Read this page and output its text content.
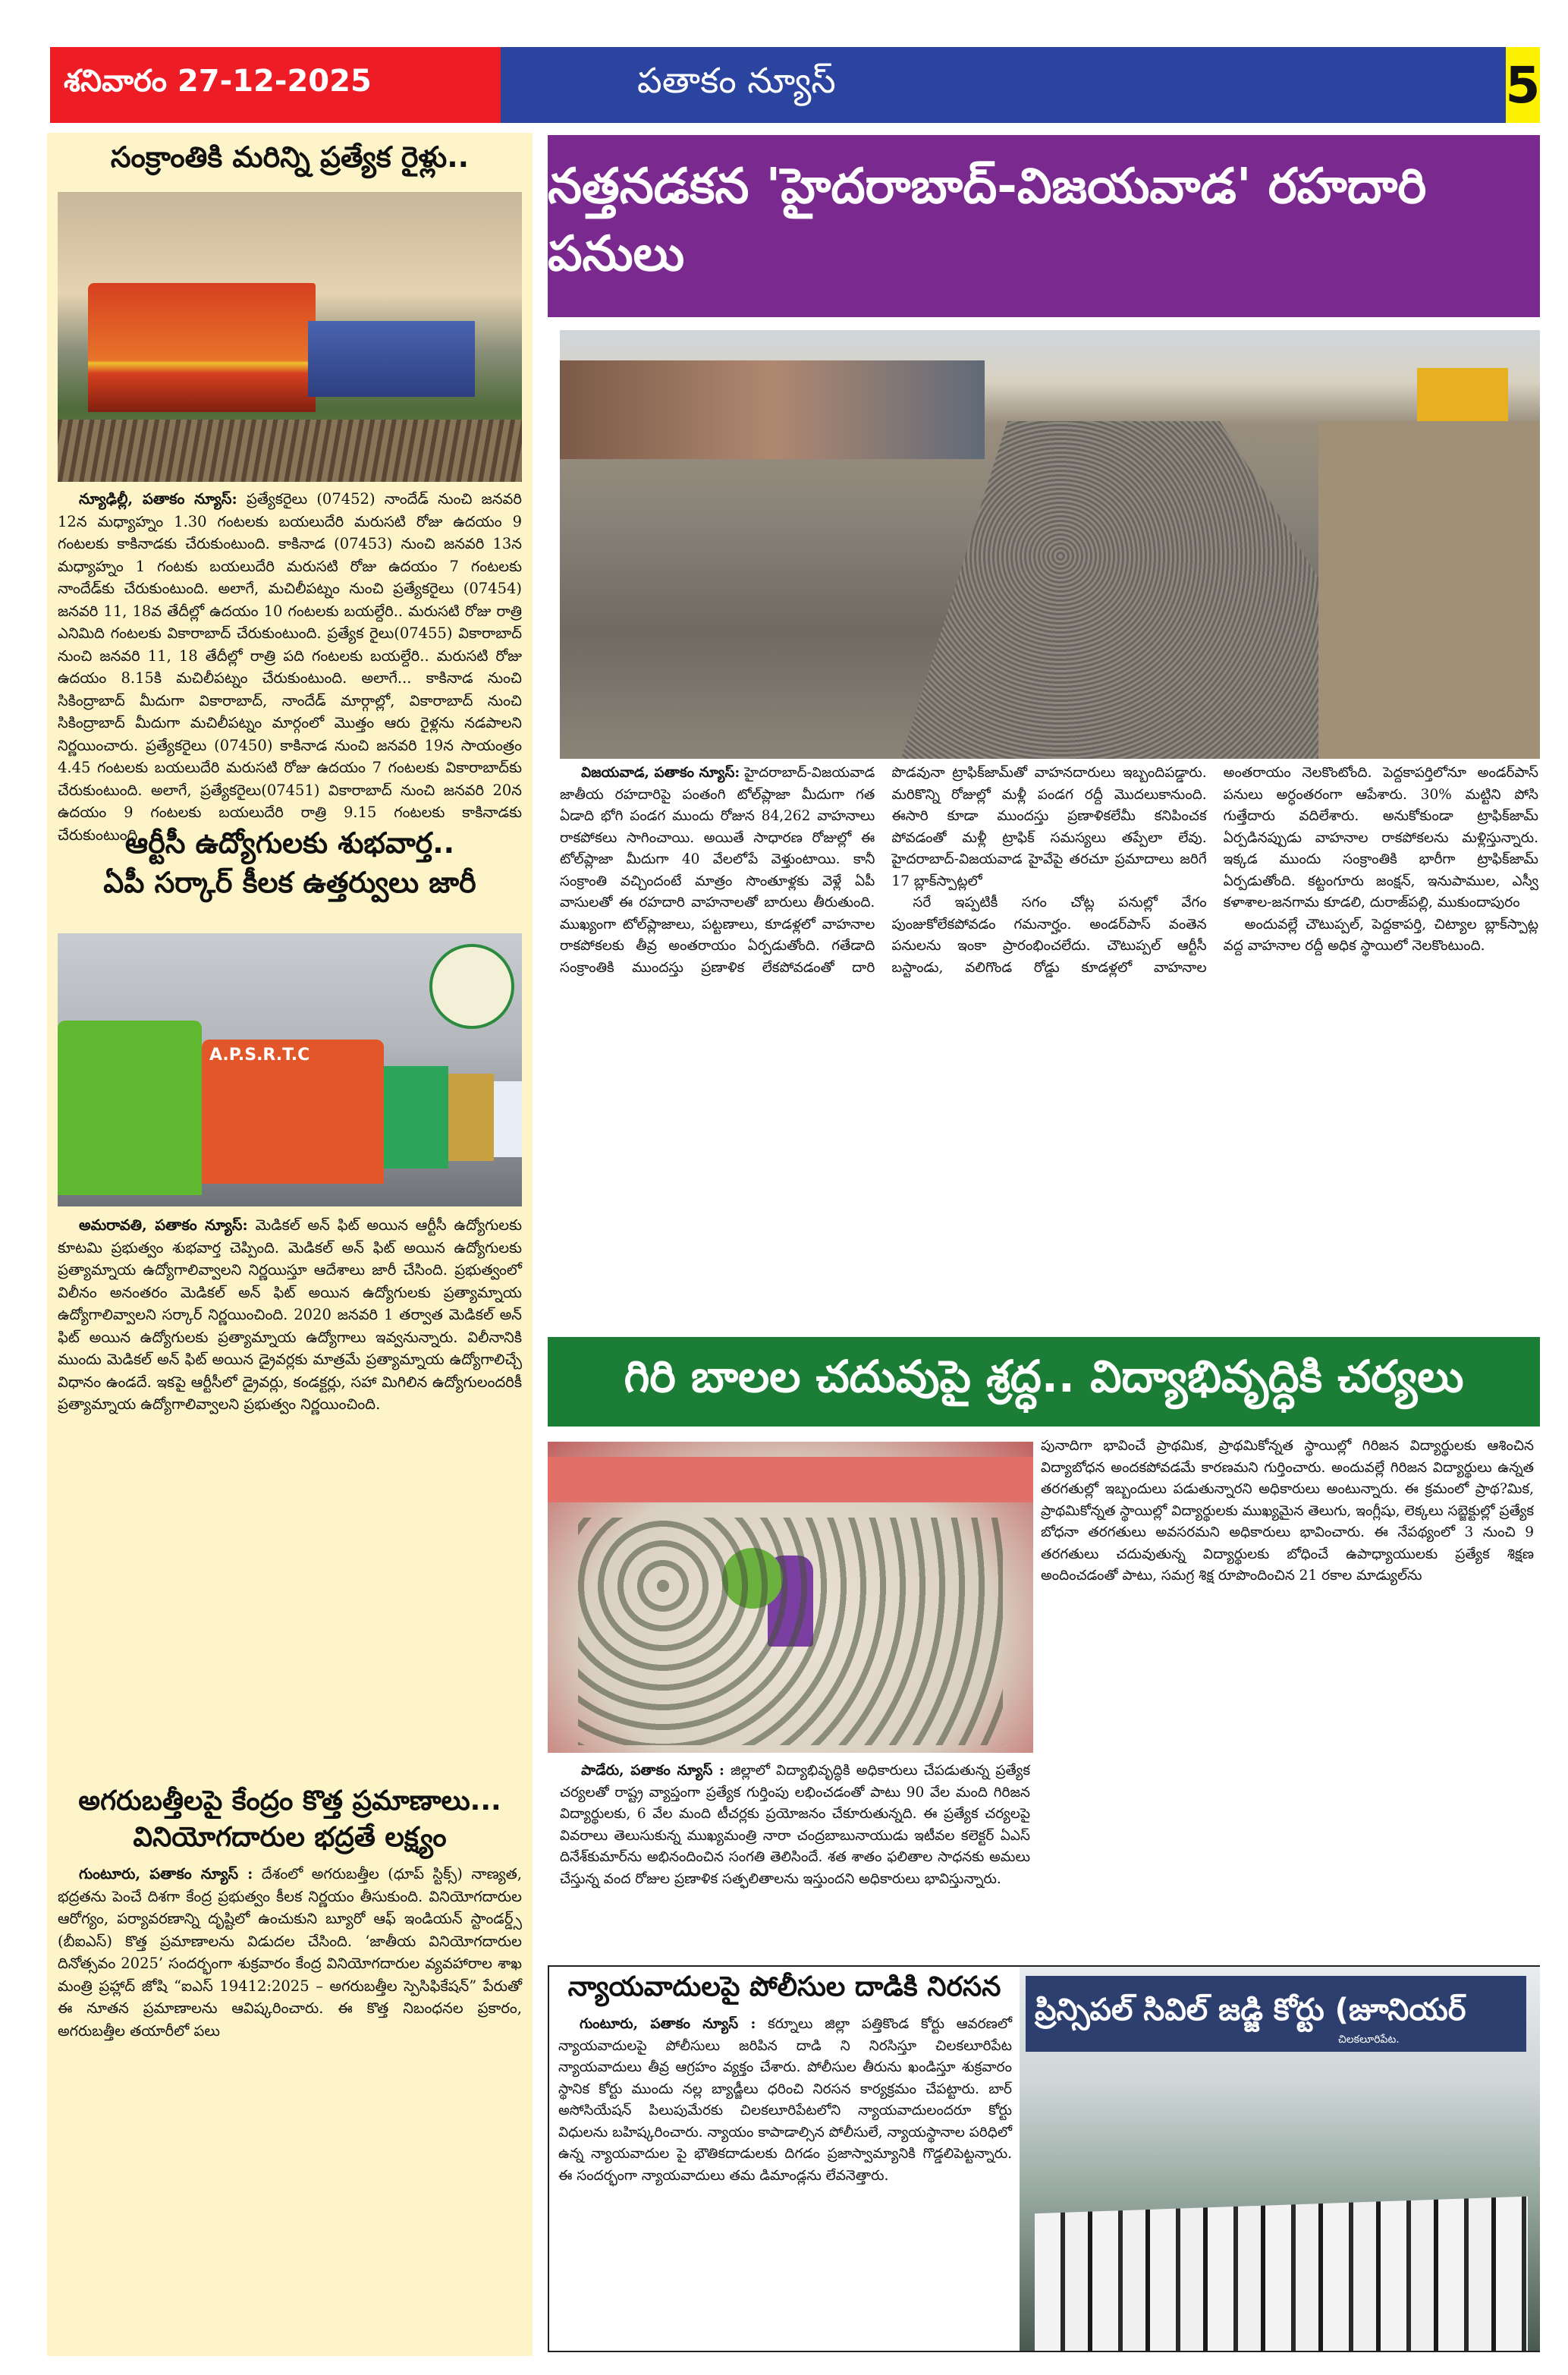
శనివారం 27-12-2025	పతాకం న్యూస్	5
సంక్రాంతికి మరిన్ని ప్రత్యేక రైళ్లు..

న్యూఢిల్లీ, పతాకం న్యూస్: ప్రత్యేకరైలు (07452) నాందేడ్ నుంచి జనవరి 12న మధ్యాహ్నం 1.30 గంటలకు బయలుదేరి మరుసటి రోజు ఉదయం 9 గంటలకు కాకినాడకు చేరుకుంటుంది. కాకినాడ (07453) నుంచి జనవరి 13న మధ్యాహ్నం 1 గంటకు బయలుదేరి మరుసటి రోజు ఉదయం 7 గంటలకు నాందేడ్‌కు చేరుకుంటుంది. అలాగే, మచిలీపట్నం నుంచి ప్రత్యేకరైలు (07454) జనవరి 11, 18వ తేదీల్లో ఉదయం 10 గంటలకు బయల్దేరి.. మరుసటి రోజు రాత్రి ఎనిమిది గంటలకు వికారాబాద్ చేరుకుంటుంది. ప్రత్యేక రైలు(07455) వికారాబాద్ నుంచి జనవరి 11, 18 తేదీల్లో రాత్రి పది గంటలకు బయల్దేరి.. మరుసటి రోజు ఉదయం 8.15కి మచిలీపట్నం చేరుకుంటుంది. అలాగే... కాకినాడ నుంచి సికింద్రాబాద్ మీదుగా వికారాబాద్, నాందేడ్ మార్గాల్లో, వికారాబాద్ నుంచి సికింద్రాబాద్ మీదుగా మచిలీపట్నం మార్గంలో మొత్తం ఆరు రైళ్లను నడపాలని నిర్ణయించారు. ప్రత్యేకరైలు (07450) కాకినాడ నుంచి జనవరి 19న సాయంత్రం 4.45 గంటలకు బయలుదేరి మరుసటి రోజు ఉదయం 7 గంటలకు వికారాబాద్‌కు చేరుకుంటుంది. అలాగే, ప్రత్యేకరైలు(07451) వికారాబాద్ నుంచి జనవరి 20న ఉదయం 9 గంటలకు బయలుదేరి రాత్రి 9.15 గంటలకు కాకినాడకు చేరుకుంటుంది.

ఆర్టీసీ ఉద్యోగులకు శుభవార్త..
ఏపీ సర్కార్ కీలక ఉత్తర్వులు జారీ
A.P.S.R.T.C

అమరావతి, పతాకం న్యూస్: మెడికల్ అన్ ఫిట్ అయిన ఆర్టీసీ ఉద్యోగులకు కూటమి ప్రభుత్వం శుభవార్త చెప్పింది. మెడికల్ అన్ ఫిట్ అయిన ఉద్యోగులకు ప్రత్యామ్నాయ ఉద్యోగాలివ్వాలని నిర్ణయిస్తూ ఆదేశాలు జారీ చేసింది. ప్రభుత్వంలో విలీనం అనంతరం మెడికల్ అన్ ఫిట్ అయిన ఉద్యోగులకు ప్రత్యామ్నాయ ఉద్యోగాలివ్వాలని సర్కార్ నిర్ణయించింది. 2020 జనవరి 1 తర్వాత మెడికల్ అన్ ఫిట్ అయిన ఉద్యోగులకు ప్రత్యామ్నాయ ఉద్యోగాలు ఇవ్వనున్నారు. విలీనానికి ముందు మెడికల్ అన్ ఫిట్ అయిన డ్రైవర్లకు మాత్రమే ప్రత్యామ్నాయ ఉద్యోగాలిచ్చే విధానం ఉండదే. ఇకపై ఆర్టీసీలో డ్రైవర్లు, కండక్టర్లు, సహా మిగిలిన ఉద్యోగులందరికీ ప్రత్యామ్నాయ ఉద్యోగాలివ్వాలని ప్రభుత్వం నిర్ణయించింది.

అగరుబత్తీలపై కేంద్రం కొత్త ప్రమాణాలు...
వినియోగదారుల భద్రతే లక్ష్యం

గుంటూరు, పతాకం న్యూస్ : దేశంలో అగరుబత్తీల (ధూప్ స్టిక్స్) నాణ్యత, భద్రతను పెంచే దిశగా కేంద్ర ప్రభుత్వం కీలక నిర్ణయం తీసుకుంది. వినియోగదారుల ఆరోగ్యం, పర్యావరణాన్ని దృష్టిలో ఉంచుకుని బ్యూరో ఆఫ్ ఇండియన్ స్టాండర్డ్స్ (బీఐఎస్) కొత్త ప్రమాణాలను విడుదల చేసింది. ‘జాతీయ వినియోగదారుల దినోత్సవం 2025’ సందర్భంగా శుక్రవారం కేంద్ర వినియోగదారుల వ్యవహారాల శాఖ మంత్రి ప్రహ్లాద్ జోషి “ఐఎస్ 19412:2025 – అగరుబత్తీల స్పెసిఫికేషన్” పేరుతో ఈ నూతన ప్రమాణాలను ఆవిష్కరించారు. ఈ కొత్త నిబంధనల ప్రకారం, అగరుబత్తీల తయారీలో పలు

నత్తనడకన 'హైదరాబాద్-విజయవాడ' రహదారి పనులు

విజయవాడ, పతాకం న్యూస్: హైదరాబాద్-విజయవాడ జాతీయ రహదారిపై పంతంగి టోల్‌ప్లాజా మీదుగా గత ఏడాది భోగి పండగ ముందు రోజున 84,262 వాహనాలు రాకపోకలు సాగించాయి. అయితే సాధారణ రోజుల్లో ఈ టోల్‌ప్లాజా మీదుగా 40 వేలలోపే వెళ్తుంటాయి. కానీ సంక్రాంతి వచ్చిందంటే మాత్రం సొంతూళ్లకు వెళ్లే ఏపీ వాసులతో ఈ రహదారి వాహనాలతో బారులు తీరుతుంది. ముఖ్యంగా టోల్‌ప్లాజాలు, పట్టణాలు, కూడళ్లలో వాహనాల రాకపోకలకు తీవ్ర అంతరాయం ఏర్పడుతోంది. గతేడాది సంక్రాంతికి ముందస్తు ప్రణాళిక లేకపోవడంతో దారి పొడవునా ట్రాఫిక్‌జామ్‌తో వాహనదారులు ఇబ్బందిపడ్డారు. మరికొన్ని రోజుల్లో మళ్లీ పండగ రద్దీ మొదలుకానుంది. ఈసారి కూడా ముందస్తు ప్రణాళికలేమీ కనిపించక పోవడంతో మళ్లీ ట్రాఫిక్ సమస్యలు తప్పేలా లేవు. హైదరాబాద్-విజయవాడ హైవేపై తరచూ ప్రమాదాలు జరిగే 17 బ్లాక్‌స్పాట్లలో

సరే ఇప్పటికీ సగం చోట్ల పనుల్లో వేగం పుంజుకోలేకపోవడం గమనార్హం. అండర్‌పాస్ వంతెన పనులను ఇంకా ప్రారంభించలేదు. చౌటుప్పల్ ఆర్టీసీ బస్టాండు, వలిగొండ రోడ్డు కూడళ్లలో వాహనాల అంతరాయం నెలకొంటోంది. పెద్దకాపర్తిలోనూ అండర్‌పాస్ పనులు అర్ధంతరంగా ఆపేశారు. 30% మట్టిని పోసి గుత్తేదారు వదిలేశారు. అనుకోకుండా ట్రాఫిక్‌జామ్ ఏర్పడినప్పుడు వాహనాల రాకపోకలను మళ్లిస్తున్నారు. ఇక్కడ ముందు సంక్రాంతికి భారీగా ట్రాఫిక్‌జామ్ ఏర్పడుతోంది. కట్టంగూరు జంక్షన్, ఇనుపాముల, ఎస్వీ కళాశాల-జనగామ కూడలి, దురాజ్‌పల్లి, ముకుందాపురం

అందువల్లే చౌటుప్పల్, పెద్దకాపర్తి, చిట్యాల బ్లాక్‌స్పాట్ల వద్ద వాహనాల రద్దీ అధిక స్థాయిలో నెలకొంటుంది.

గిరి బాలల చదువుపై శ్రద్ధ.. విద్యాభివృద్ధికి చర్యలు

పాడేరు, పతాకం న్యూస్ : జిల్లాలో విద్యాభివృద్ధికి అధికారులు చేపడుతున్న ప్రత్యేక చర్యలతో రాష్ట్ర వ్యాప్తంగా ప్రత్యేక గుర్తింపు లభించడంతో పాటు 90 వేల మంది గిరిజన విద్యార్థులకు, 6 వేల మంది టీచర్లకు ప్రయోజనం చేకూరుతున్నది. ఈ ప్రత్యేక చర్యలపై వివరాలు తెలుసుకున్న ముఖ్యమంత్రి నారా చంద్రబాబునాయుడు ఇటీవల కలెక్టర్ ఏఎస్ దినేశ్‌కుమార్‌ను అభినందించిన సంగతి తెలిసిందే. శత శాతం ఫలితాల సాధనకు అమలు చేస్తున్న వంద రోజుల ప్రణాళిక సత్ఫలితాలను ఇస్తుందని అధికారులు భావిస్తున్నారు.

పునాదిగా భావించే ప్రాథమిక, ప్రాథమికోన్నత స్థాయిల్లో గిరిజన విద్యార్థులకు ఆశించిన విద్యాబోధన అందకపోవడమే కారణమని గుర్తించారు. అందువల్లే గిరిజన విద్యార్థులు ఉన్నత తరగతుల్లో ఇబ్బందులు పడుతున్నారని అధికారులు అంటున్నారు. ఈ క్రమంలో ప్రాథ?మిక, ప్రాథమికోన్నత స్థాయిల్లో విద్యార్థులకు ముఖ్యమైన తెలుగు, ఇంగ్లీషు, లెక్కలు సబ్జెక్టుల్లో ప్రత్యేక బోధనా తరగతులు అవసరమని అధికారులు భావించారు. ఈ నేపథ్యంలో 3 నుంచి 9 తరగతులు చదువుతున్న విద్యార్థులకు బోధించే ఉపాధ్యాయులకు ప్రత్యేక శిక్షణ అందించడంతో పాటు, సమగ్ర శిక్ష రూపొందించిన 21 రకాల మాడ్యుల్‌ను

న్యాయవాదులపై పోలీసుల దాడికి నిరసన

గుంటూరు, పతాకం న్యూస్ : కర్నూలు జిల్లా పత్తికొండ కోర్టు ఆవరణలో న్యాయవాదులపై పోలీసులు జరిపిన దాడి ని నిరసిస్తూ చిలకలూరిపేట న్యాయవాదులు తీవ్ర ఆగ్రహం వ్యక్తం చేశారు. పోలీసుల తీరును ఖండిస్తూ శుక్రవారం స్థానిక కోర్టు ముందు నల్ల బ్యాడ్జీలు ధరించి నిరసన కార్యక్రమం చేపట్టారు. బార్ అసోసియేషన్ పిలుపుమేరకు చిలకలూరిపేటలోని న్యాయవాదులందరూ కోర్టు విధులను బహిష్కరించారు. న్యాయం కాపాడాల్సిన పోలీసులే, న్యాయస్థానాల పరిధిలో ఉన్న న్యాయవాదుల పై భౌతికదాడులకు దిగడం ప్రజాస్వామ్యానికి గొడ్డలిపెట్టన్నారు. ఈ సందర్భంగా న్యాయవాదులు తమ డిమాండ్లను లేవనెత్తారు.

ప్రిన్సిపల్ సివిల్ జడ్జి కోర్టు (జూనియర్
చిలకలూరిపేట.
